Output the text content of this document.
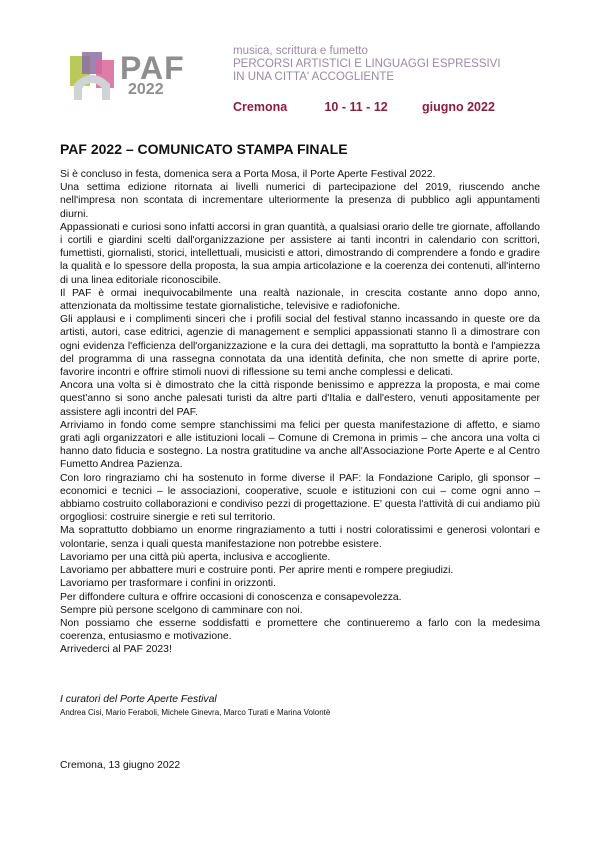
PAF
2022
musica, scrittura e fumetto
PERCORSI ARTISTICI E LINGUAGGI ESPRESSIVI
IN UNA CITTA' ACCOGLIENTE
Cremona	10 - 11 - 12	giugno 2022
PAF 2022 – COMUNICATO STAMPA FINALE

Si è concluso in festa, domenica sera a Porta Mosa, il Porte Aperte Festival 2022.

Una settima edizione ritornata ai livelli numerici di partecipazione del 2019, riuscendo anche nell'impresa non scontata di incrementare ulteriormente la presenza di pubblico agli appuntamenti diurni.

Appassionati e curiosi sono infatti accorsi in gran quantità, a qualsiasi orario delle tre giornate, affollando i cortili e giardini scelti dall'organizzazione per assistere ai tanti incontri in calendario con scrittori, fumettisti, giornalisti, storici, intellettuali, musicisti e attori, dimostrando di comprendere a fondo e gradire la qualità e lo spessore della proposta, la sua ampia articolazione e la coerenza dei contenuti, all'interno di una linea editoriale riconoscibile.

Il PAF è ormai inequivocabilmente una realtà nazionale, in crescita costante anno dopo anno, attenzionata da moltissime testate giornalistiche, televisive e radiofoniche.

Gli applausi e i complimenti sinceri che i profili social del festival stanno incassando in queste ore da artisti, autori, case editrici, agenzie di management e semplici appassionati stanno lì a dimostrare con ogni evidenza l'efficienza dell'organizzazione e la cura dei dettagli, ma soprattutto la bontà e l'ampiezza del programma di una rassegna connotata da una identità definita, che non smette di aprire porte, favorire incontri e offrire stimoli nuovi di riflessione su temi anche complessi e delicati.

Ancora una volta si è dimostrato che la città risponde benissimo e apprezza la proposta, e mai come quest'anno si sono anche palesati turisti da altre parti d'Italia e dall'estero, venuti appositamente per assistere agli incontri del PAF.

Arriviamo in fondo come sempre stanchissimi ma felici per questa manifestazione di affetto, e siamo grati agli organizzatori e alle istituzioni locali – Comune di Cremona in primis – che ancora una volta ci hanno dato fiducia e sostegno. La nostra gratitudine va anche all'Associazione Porte Aperte e al Centro Fumetto Andrea Pazienza.

Con loro ringraziamo chi ha sostenuto in forme diverse il PAF: la Fondazione Cariplo, gli sponsor – economici e tecnici – le associazioni, cooperative, scuole e istituzioni con cui – come ogni anno – abbiamo costruito collaborazioni e condiviso pezzi di progettazione. E' questa l'attività di cui andiamo più orgogliosi: costruire sinergie e reti sul territorio.

Ma soprattutto dobbiamo un enorme ringraziamento a tutti i nostri coloratissimi e generosi volontari e volontarie, senza i quali questa manifestazione non potrebbe esistere.

Lavoriamo per una città più aperta, inclusiva e accogliente.

Lavoriamo per abbattere muri e costruire ponti. Per aprire menti e rompere pregiudizi.

Lavoriamo per trasformare i confini in orizzonti.

Per diffondere cultura e offrire occasioni di conoscenza e consapevolezza.

Sempre più persone scelgono di camminare con noi.

Non possiamo che esserne soddisfatti e promettere che continueremo a farlo con la medesima coerenza, entusiasmo e motivazione.

Arrivederci al PAF 2023!

I curatori del Porte Aperte Festival
Andrea Cisi, Mario Feraboli, Michele Ginevra, Marco Turati e Marina Volontè
Cremona, 13 giugno 2022
